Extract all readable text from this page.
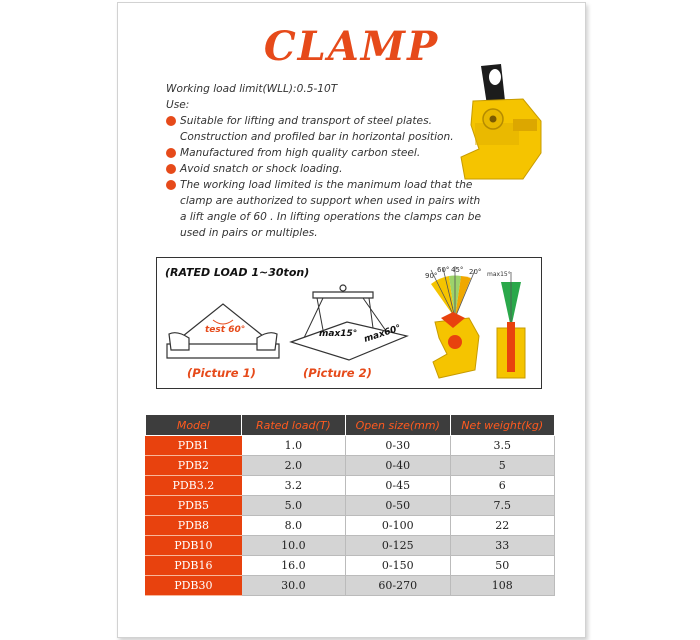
CLAMP
Working load limit(WLL):0.5-10T
Use:
Suitable for lifting and transport of steel plates.
Construction and profiled bar in horizontal position.
Manufactured from high quality carbon steel.
Avoid snatch or shock loading.
The working load limited is the manimum load that the
clamp are authorized to support when used in pairs with
a lift angle of 60 . In lifting operations the clamps can be
used in pairs or multiples.
(RATED LOAD 1~30ton)
test 60°
(Picture 1)
max15° max60°
(Picture 2)
90°
60° 45° 20° max15°
Model	Rated load(T)	Open size(mm)	Net weight(kg)
PDB1	1.0	0-30	3.5
PDB2	2.0	0-40	5
PDB3.2	3.2	0-45	6
PDB5	5.0	0-50	7.5
PDB8	8.0	0-100	22
PDB10	10.0	0-125	33
PDB16	16.0	0-150	50
PDB30	30.0	60-270	108
